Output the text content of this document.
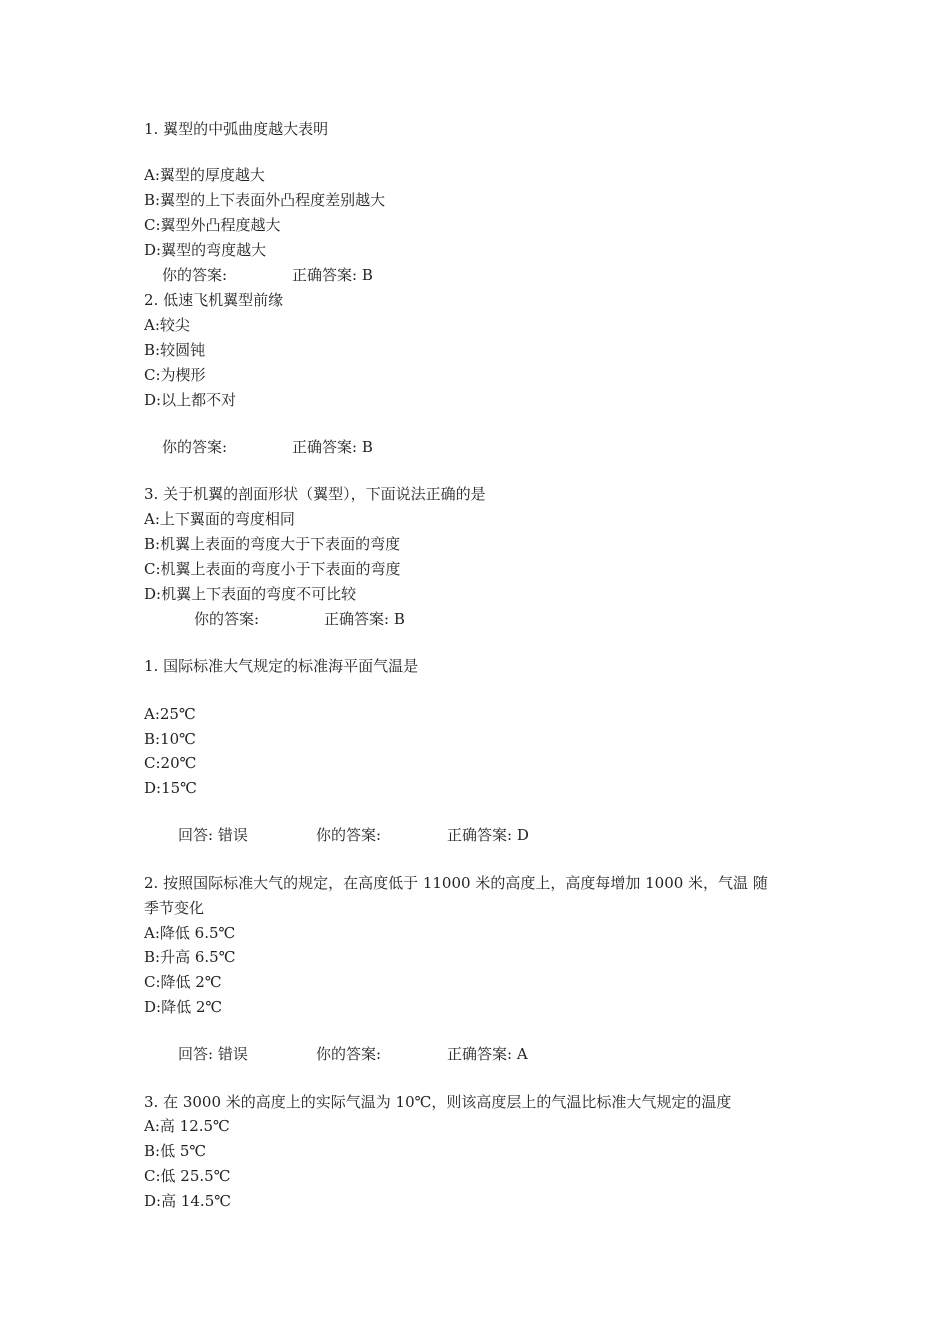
1. 翼型的中弧曲度越大表明
A:翼型的厚度越大
B:翼型的上下表面外凸程度差别越大
C:翼型外凸程度越大
D:翼型的弯度越大
你的答案:	正确答案: B
2. 低速飞机翼型前缘
A:较尖
B:较圆钝
C:为楔形
D:以上都不对
你的答案:	正确答案: B
3. 关于机翼的剖面形状（翼型），下面说法正确的是
A:上下翼面的弯度相同
B:机翼上表面的弯度大于下表面的弯度
C:机翼上表面的弯度小于下表面的弯度
D:机翼上下表面的弯度不可比较
你的答案:	正确答案: B
1. 国际标准大气规定的标准海平面气温是
A:25℃
B:10℃
C:20℃
D:15℃
回答: 错误	你的答案:	正确答案: D
2. 按照国际标准大气的规定，在高度低于 11000 米的高度上，高度每增加 1000 米，气温 随
季节变化
A:降低 6.5℃
B:升高 6.5℃
C:降低 2℃
D:降低 2℃
回答: 错误	你的答案:	正确答案: A
3. 在 3000 米的高度上的实际气温为 10℃，则该高度层上的气温比标准大气规定的温度
A:高 12.5℃
B:低 5℃
C:低 25.5℃
D:高 14.5℃
